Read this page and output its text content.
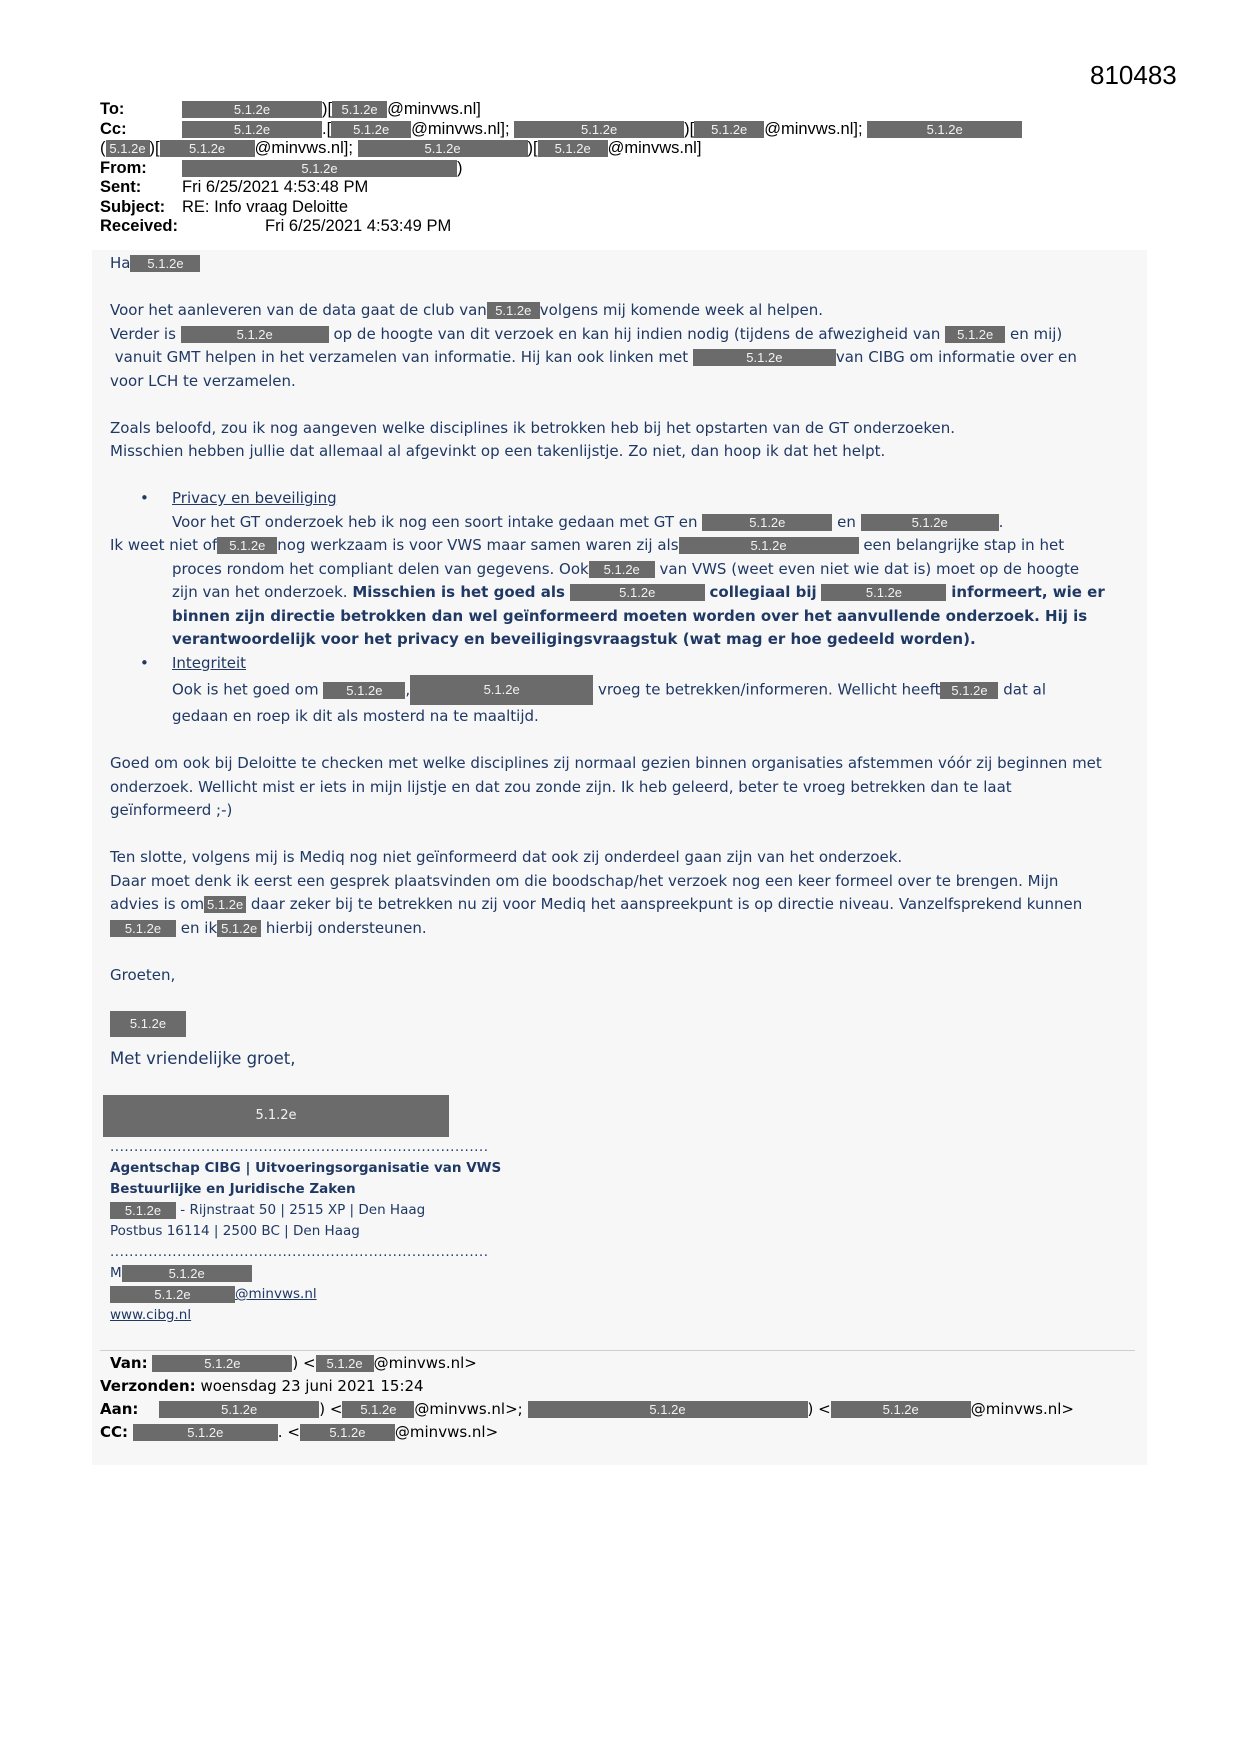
810483
To:	5.1.2e	)[ 5.1.2e @minvws.nl]
Cc:	5.1.2e	.[ 5.1.2e @minvws.nl];	5.1.2e	)[ 5.1.2e @minvws.nl];	5.1.2e
( 5.1.2e )[ 5.1.2e @minvws.nl];	5.1.2e	)[ 5.1.2e @minvws.nl]
From:	5.1.2e	)
Sent: Fri 6/25/2021 4:53:48 PM
Subject: RE: Info vraag Deloitte
Received:	Fri 6/25/2021 4:53:49 PM

Ha 5.1.2e

Voor het aanleveren van de data gaat de club van 5.1.2e volgens mij komende week al helpen.

Verder is	5.1.2e	op de hoogte van dit verzoek en kan hij indien nodig (tijdens de afwezigheid van 5.1.2e en mij)

vanuit GMT helpen in het verzamelen van informatie. Hij kan ook linken met	5.1.2e	van CIBG om informatie over en

voor LCH te verzamelen.

Zoals beloofd, zou ik nog aangeven welke disciplines ik betrokken heb bij het opstarten van de GT onderzoeken.

Misschien hebben jullie dat allemaal al afgevinkt op een takenlijstje. Zo niet, dan hoop ik dat het helpt.

• Privacy en beveiliging

Voor het GT onderzoek heb ik nog een soort intake gedaan met GT en	5.1.2e	en	5.1.2e	.

Ik weet niet of 5.1.2e nog werkzaam is voor VWS maar samen waren zij als	5.1.2e	een belangrijke stap in het

proces rondom het compliant delen van gegevens. Ook 5.1.2e van VWS (weet even niet wie dat is) moet op de hoogte

zijn van het onderzoek. Misschien is het goed als	5.1.2e	collegiaal bij	5.1.2e	informeert, wie er

binnen zijn directie betrokken dan wel geïnformeerd moeten worden over het aanvullende onderzoek. Hij is

verantwoordelijk voor het privacy en beveiligingsvraagstuk (wat mag er hoe gedeeld worden).

• Integriteit

Ook is het goed om 5.1.2e ,	5.1.2e	vroeg te betrekken/informeren. Wellicht heeft 5.1.2e dat al

gedaan en roep ik dit als mosterd na te maaltijd.

Goed om ook bij Deloitte te checken met welke disciplines zij normaal gezien binnen organisaties afstemmen vóór zij beginnen met

onderzoek. Wellicht mist er iets in mijn lijstje en dat zou zonde zijn. Ik heb geleerd, beter te vroeg betrekken dan te laat

geïnformeerd ;-)

Ten slotte, volgens mij is Mediq nog niet geïnformeerd dat ook zij onderdeel gaan zijn van het onderzoek.

Daar moet denk ik eerst een gesprek plaatsvinden om die boodschap/het verzoek nog een keer formeel over te brengen. Mijn

advies is om 5.1.2e daar zeker bij te betrekken nu zij voor Mediq het aanspreekpunt is op directie niveau. Vanzelfsprekend kunnen

5.1.2e en ik 5.1.2e hierbij ondersteunen.

Groeten,

5.1.2e

Met vriendelijke groet,

5.1.2e
...............................................................................
Agentschap CIBG | Uitvoeringsorganisatie van VWS
Bestuurlijke en Juridische Zaken
5.1.2e - Rijnstraat 50 | 2515 XP | Den Haag
Postbus 16114 | 2500 BC | Den Haag
...............................................................................
M	5.1.2e
5.1.2e	@minvws.nl
www.cibg.nl
Van:	5.1.2e	) < 5.1.2e @minvws.nl>
Verzonden: woensdag 23 juni 2021 15:24
Aan:	5.1.2e	) < 5.1.2e @minvws.nl>;	5.1.2e	) <	5.1.2e	@minvws.nl>
CC:	5.1.2e	. < 5.1.2e @minvws.nl>
